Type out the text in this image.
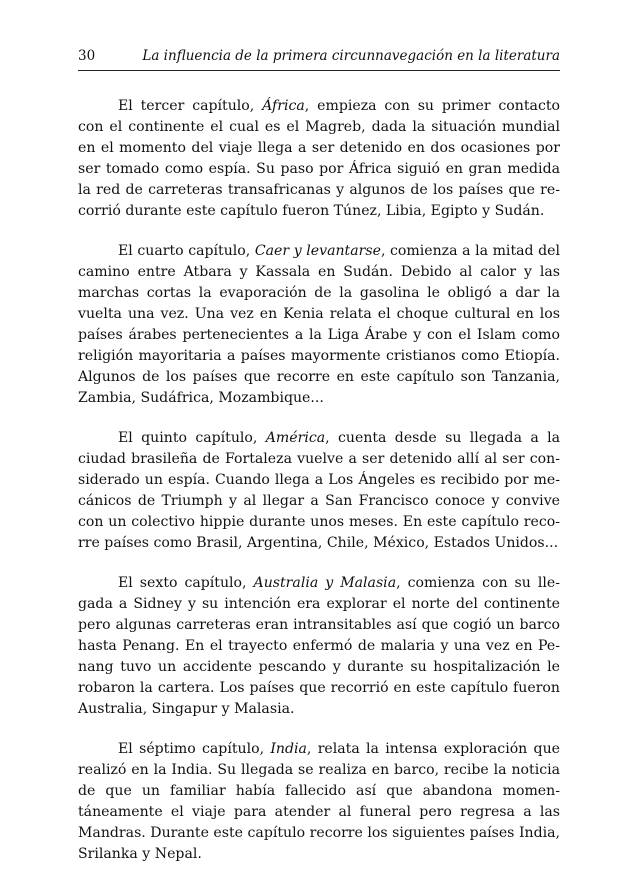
30	La influencia de la primera circunnavegación en la literatura

El tercer capítulo, África, empieza con su primer contacto con el continente el cual es el Magreb, dada la situación mundial en el momento del viaje llega a ser detenido en dos ocasiones por ser tomado como espía. Su paso por África siguió en gran medida la red de carreteras transafricanas y algunos de los países que recorrió durante este capítulo fueron Túnez, Libia, Egipto y Sudán.

El cuarto capítulo, Caer y levantarse, comienza a la mitad del camino entre Atbara y Kassala en Sudán. Debido al calor y las marchas cortas la evaporación de la gasolina le obligó a dar la vuelta una vez. Una vez en Kenia relata el choque cultural en los países árabes pertenecientes a la Liga Árabe y con el Islam como religión mayoritaria a países mayormente cristianos como Etiopía. Algunos de los países que recorre en este capítulo son Tanzania, Zambia, Sudáfrica, Mozambique...

El quinto capítulo, América, cuenta desde su llegada a la ciudad brasileña de Fortaleza vuelve a ser detenido allí al ser considerado un espía. Cuando llega a Los Ángeles es recibido por mecánicos de Triumph y al llegar a San Francisco conoce y convive con un colectivo hippie durante unos meses. En este capítulo recorre países como Brasil, Argentina, Chile, México, Estados Unidos...

El sexto capítulo, Australia y Malasia, comienza con su llegada a Sidney y su intención era explorar el norte del continente pero algunas carreteras eran intransitables así que cogió un barco hasta Penang. En el trayecto enfermó de malaria y una vez en Penang tuvo un accidente pescando y durante su hospitalización le robaron la cartera. Los países que recorrió en este capítulo fueron Australia, Singapur y Malasia.

El séptimo capítulo, India, relata la intensa exploración que realizó en la India. Su llegada se realiza en barco, recibe la noticia de que un familiar había fallecido así que abandona momentáneamente el viaje para atender al funeral pero regresa a las Mandras. Durante este capítulo recorre los siguientes países India, Srilanka y Nepal.
